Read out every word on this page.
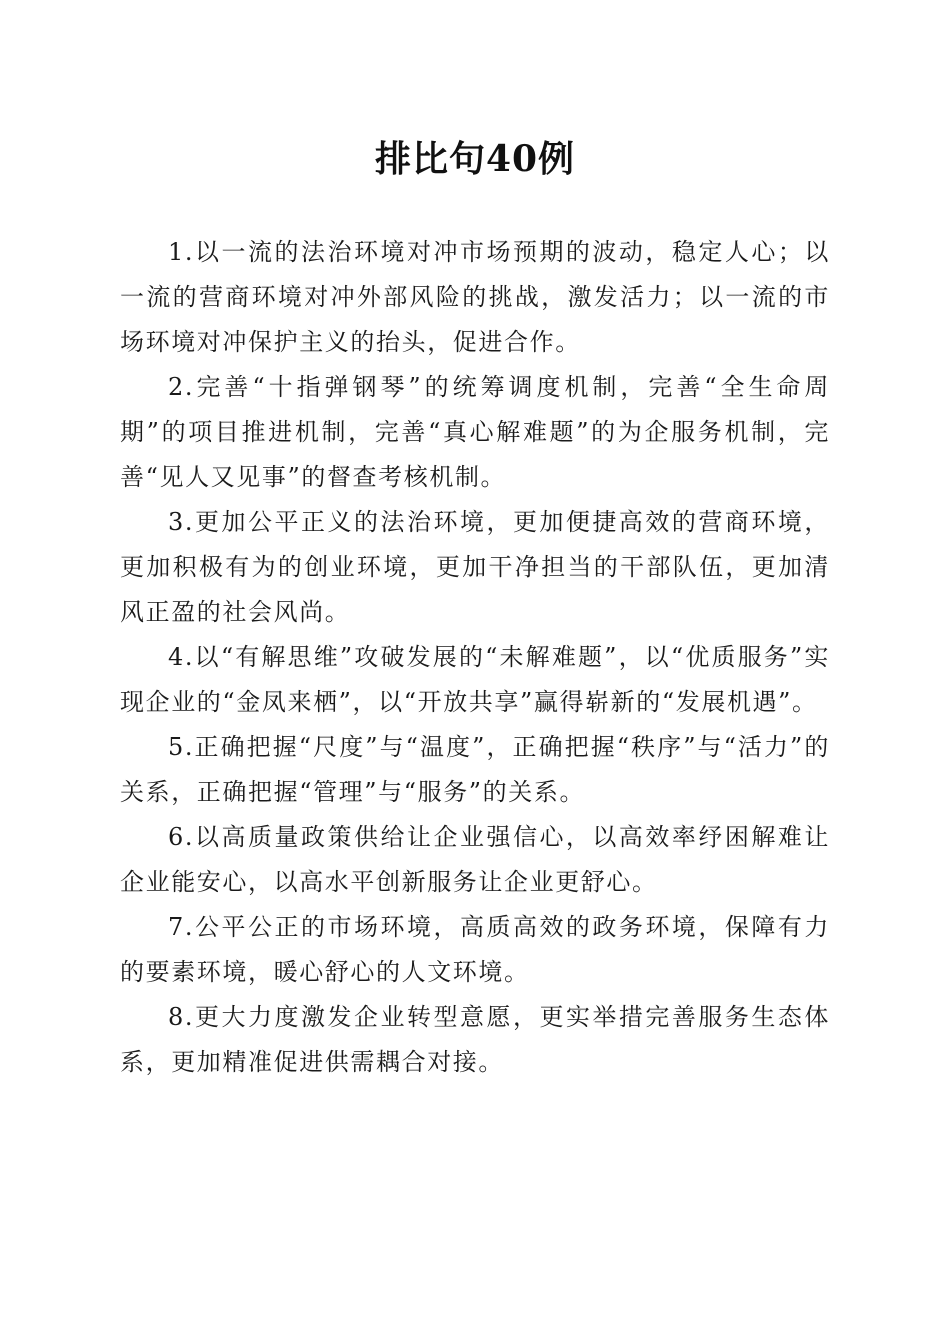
排比句40例

1.以一流的法治环境对冲市场预期的波动，稳定人心；以一流的营商环境对冲外部风险的挑战，激发活力；以一流的市场环境对冲保护主义的抬头，促进合作。

2.完善“十指弹钢琴”的统筹调度机制，完善“全生命周期”的项目推进机制，完善“真心解难题”的为企服务机制，完善“见人又见事”的督查考核机制。

3.更加公平正义的法治环境，更加便捷高效的营商环境，更加积极有为的创业环境，更加干净担当的干部队伍，更加清风正盈的社会风尚。

4.以“有解思维”攻破发展的“未解难题”，以“优质服务”实现企业的“金凤来栖”，以“开放共享”赢得崭新的“发展机遇”。

5.正确把握“尺度”与“温度”，正确把握“秩序”与“活力”的关系，正确把握“管理”与“服务”的关系。

6.以高质量政策供给让企业强信心，以高效率纾困解难让企业能安心，以高水平创新服务让企业更舒心。

7.公平公正的市场环境，高质高效的政务环境，保障有力的要素环境，暖心舒心的人文环境。

8.更大力度激发企业转型意愿，更实举措完善服务生态体系，更加精准促进供需耦合对接。
